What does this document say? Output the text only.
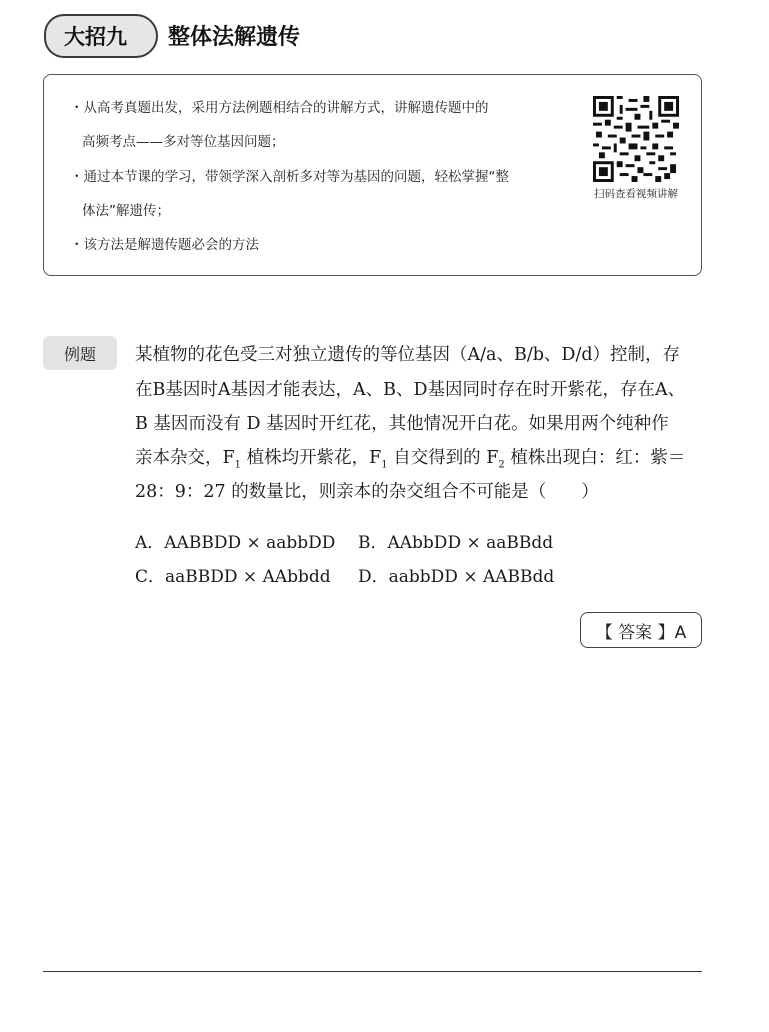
大招九	整体法解遗传
・从高考真题出发，采用方法例题相结合的讲解方式，讲解遗传题中的
高频考点——多对等位基因问题；
・通过本节课的学习，带领学深入剖析多对等为基因的问题，轻松掌握“整
体法”解遗传；
・该方法是解遗传题必会的方法
扫码查看视频讲解
例题	某植物的花色受三对独立遗传的等位基因（A/a、B/b、D/d）控制，存
在B基因时A基因才能表达，A、B、D基因同时存在时开紫花，存在A、
B 基因而没有 D 基因时开红花，其他情况开白花。如果用两个纯种作
亲本杂交，$F_1$ 植株均开紫花，$F_1$ 自交得到的 $F_2$ 植株出现白：红：紫＝
28：9：27 的数量比，则亲本的杂交组合不可能是（　　）
A．AABBDD × aabbDD B．AAbbDD × aaBBdd
C．aaBBDD × AAbbdd D．aabbDD × AABBdd
【 答案 】A
